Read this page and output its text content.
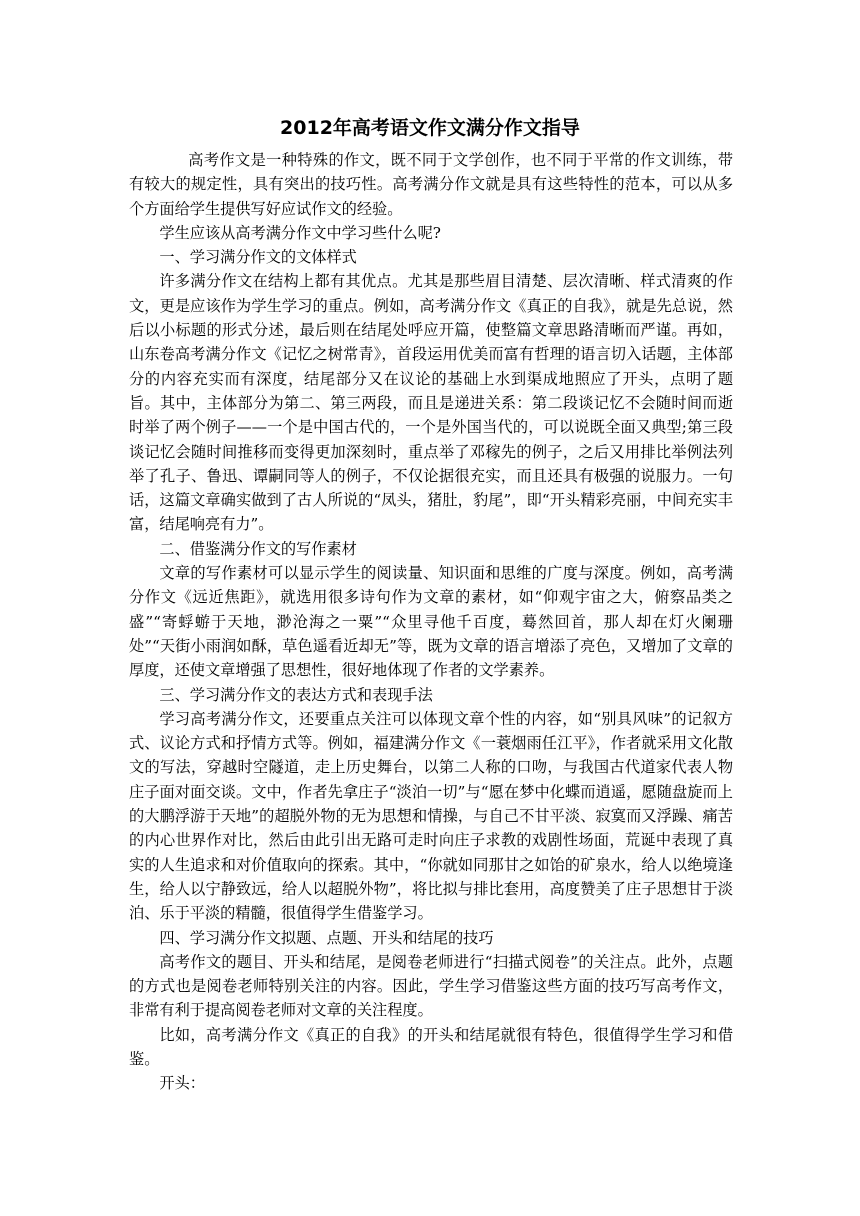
2012年高考语文作文满分作文指导

高考作文是一种特殊的作文，既不同于文学创作，也不同于平常的作文训练，带有较大的规定性，具有突出的技巧性。高考满分作文就是具有这些特性的范本，可以从多个方面给学生提供写好应试作文的经验。

学生应该从高考满分作文中学习些什么呢?

一、学习满分作文的文体样式

许多满分作文在结构上都有其优点。尤其是那些眉目清楚、层次清晰、样式清爽的作文，更是应该作为学生学习的重点。例如，高考满分作文《真正的自我》，就是先总说，然后以小标题的形式分述，最后则在结尾处呼应开篇，使整篇文章思路清晰而严谨。再如，山东卷高考满分作文《记忆之树常青》，首段运用优美而富有哲理的语言切入话题，主体部分的内容充实而有深度，结尾部分又在议论的基础上水到渠成地照应了开头，点明了题旨。其中，主体部分为第二、第三两段，而且是递进关系：第二段谈记忆不会随时间而逝时举了两个例子——一个是中国古代的，一个是外国当代的，可以说既全面又典型;第三段谈记忆会随时间推移而变得更加深刻时，重点举了邓稼先的例子，之后又用排比举例法列举了孔子、鲁迅、谭嗣同等人的例子，不仅论据很充实，而且还具有极强的说服力。一句话，这篇文章确实做到了古人所说的“凤头，猪肚，豹尾”，即“开头精彩亮丽，中间充实丰富，结尾响亮有力”。

二、借鉴满分作文的写作素材

文章的写作素材可以显示学生的阅读量、知识面和思维的广度与深度。例如，高考满分作文《远近焦距》，就选用很多诗句作为文章的素材，如“仰观宇宙之大，俯察品类之盛”“寄蜉蝣于天地，渺沧海之一粟”“众里寻他千百度，蓦然回首，那人却在灯火阑珊处”“天街小雨润如酥，草色遥看近却无”等，既为文章的语言增添了亮色，又增加了文章的厚度，还使文章增强了思想性，很好地体现了作者的文学素养。

三、学习满分作文的表达方式和表现手法

学习高考满分作文，还要重点关注可以体现文章个性的内容，如“别具风味”的记叙方式、议论方式和抒情方式等。例如，福建满分作文《一蓑烟雨任江平》，作者就采用文化散文的写法，穿越时空隧道，走上历史舞台，以第二人称的口吻，与我国古代道家代表人物庄子面对面交谈。文中，作者先拿庄子“淡泊一切”与“愿在梦中化蝶而逍遥，愿随盘旋而上的大鹏浮游于天地”的超脱外物的无为思想和情操，与自己不甘平淡、寂寞而又浮躁、痛苦的内心世界作对比，然后由此引出无路可走时向庄子求教的戏剧性场面，荒诞中表现了真实的人生追求和对价值取向的探索。其中，“你就如同那甘之如饴的矿泉水，给人以绝境逢生，给人以宁静致远，给人以超脱外物”，将比拟与排比套用，高度赞美了庄子思想甘于淡泊、乐于平淡的精髓，很值得学生借鉴学习。

四、学习满分作文拟题、点题、开头和结尾的技巧

高考作文的题目、开头和结尾，是阅卷老师进行“扫描式阅卷”的关注点。此外，点题的方式也是阅卷老师特别关注的内容。因此，学生学习借鉴这些方面的技巧写高考作文，非常有利于提高阅卷老师对文章的关注程度。

比如，高考满分作文《真正的自我》的开头和结尾就很有特色，很值得学生学习和借鉴。

开头：
